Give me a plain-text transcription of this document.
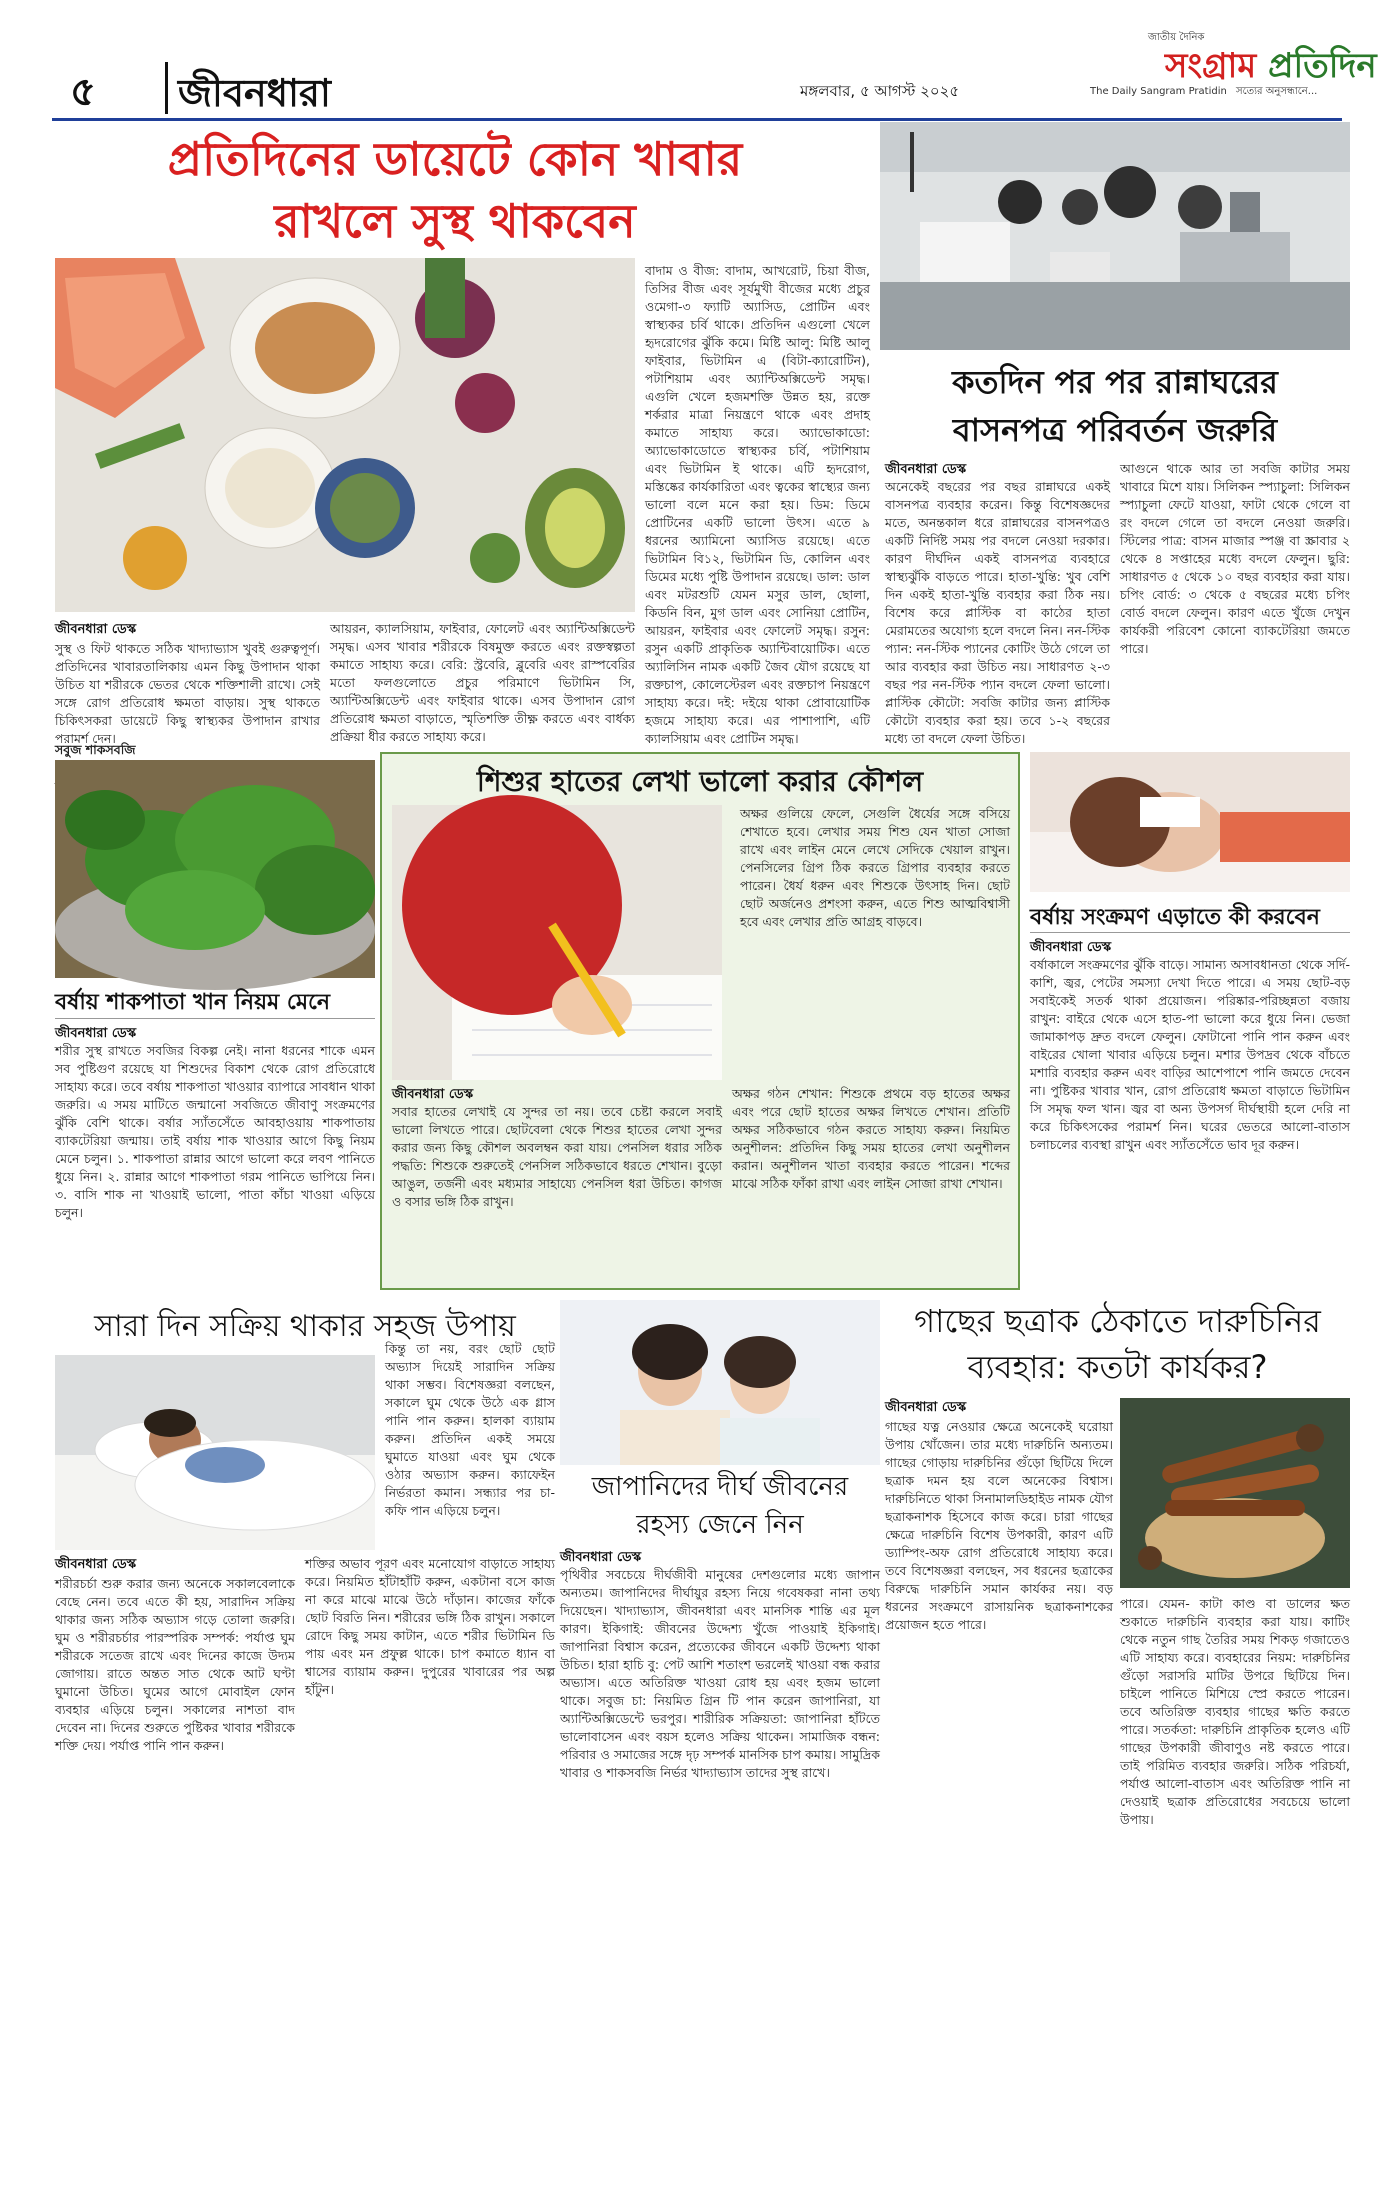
৫ জীবনধারা	মঙ্গলবার, ৫ আগস্ট ২০২৫
জাতীয় দৈনিক
সংগ্রাম প্রতিদিন
The Daily Sangram Pratidin সত্যের অনুসন্ধানে...
প্রতিদিনের ডায়েটে কোন খাবার
রাখলে সুস্থ থাকবেন
জীবনধারা ডেস্ক
সুস্থ ও ফিট থাকতে সঠিক খাদ্যাভ্যাস খুবই গুরুত্বপূর্ণ। প্রতিদিনের খাবারতালিকায় এমন কিছু উপাদান থাকা উচিত যা শরীরকে ভেতর থেকে শক্তিশালী রাখে। সেই সঙ্গে রোগ প্রতিরোধ ক্ষমতা বাড়ায়। সুস্থ থাকতে চিকিৎসকরা ডায়েটে কিছু স্বাস্থ্যকর উপাদান রাখার পরামর্শ দেন।
সবুজ শাকসবজি
আয়রন, ক্যালসিয়াম, ফাইবার, ফোলেট এবং অ্যান্টিঅক্সিডেন্ট সমৃদ্ধ। এসব খাবার শরীরকে বিষমুক্ত করতে এবং রক্তস্বল্পতা কমাতে সাহায্য করে। বেরি: স্ট্রবেরি, ব্লুবেরি এবং রাস্পবেরির মতো ফলগুলোতে প্রচুর পরিমাণে ভিটামিন সি, অ্যান্টিঅক্সিডেন্ট এবং ফাইবার থাকে। এসব উপাদান রোগ প্রতিরোধ ক্ষমতা বাড়াতে, স্মৃতিশক্তি তীক্ষ্ণ করতে এবং বার্ধক্য প্রক্রিয়া ধীর করতে সাহায্য করে।
বাদাম ও বীজ: বাদাম, আখরোট, চিয়া বীজ, তিসির বীজ এবং সূর্যমুখী বীজের মধ্যে প্রচুর ওমেগা-৩ ফ্যাটি অ্যাসিড, প্রোটিন এবং স্বাস্থ্যকর চর্বি থাকে। প্রতিদিন এগুলো খেলে হৃদরোগের ঝুঁকি কমে। মিষ্টি আলু: মিষ্টি আলু ফাইবার, ভিটামিন এ (বিটা-ক্যারোটিন), পটাশিয়াম এবং অ্যান্টিঅক্সিডেন্ট সমৃদ্ধ। এগুলি খেলে হজমশক্তি উন্নত হয়, রক্তে শর্করার মাত্রা নিয়ন্ত্রণে থাকে এবং প্রদাহ কমাতে সাহায্য করে। অ্যাভোকাডো: অ্যাভোকাডোতে স্বাস্থ্যকর চর্বি, পটাশিয়াম এবং ভিটামিন ই থাকে। এটি হৃদরোগ, মস্তিষ্কের কার্যকারিতা এবং ত্বকের স্বাস্থ্যের জন্য ভালো বলে মনে করা হয়। ডিম: ডিমে প্রোটিনের একটি ভালো উৎস। এতে ৯ ধরনের অ্যামিনো অ্যাসিড রয়েছে। এতে ভিটামিন বি১২, ভিটামিন ডি, কোলিন এবং ডিমের মধ্যে পুষ্টি উপাদান রয়েছে। ডাল: ডাল এবং মটরশুটি যেমন মসুর ডাল, ছোলা, কিডনি বিন, মুগ ডাল এবং সোনিয়া প্রোটিন, আয়রন, ফাইবার এবং ফোলেট সমৃদ্ধ। রসুন: রসুন একটি প্রাকৃতিক অ্যান্টিবায়োটিক। এতে অ্যালিসিন নামক একটি জৈব যৌগ রয়েছে যা রক্তচাপ, কোলেস্টেরল এবং রক্তচাপ নিয়ন্ত্রণে সাহায্য করে। দই: দইয়ে থাকা প্রোবায়োটিক হজমে সাহায্য করে। এর পাশাপাশি, এটি ক্যালসিয়াম এবং প্রোটিন সমৃদ্ধ।
কতদিন পর পর রান্নাঘরের
বাসনপত্র পরিবর্তন জরুরি
জীবনধারা ডেস্ক
অনেকেই বছরের পর বছর রান্নাঘরে একই বাসনপত্র ব্যবহার করেন। কিন্তু বিশেষজ্ঞদের মতে, অনন্তকাল ধরে রান্নাঘরের বাসনপত্রও একটি নির্দিষ্ট সময় পর বদলে নেওয়া দরকার। কারণ দীর্ঘদিন একই বাসনপত্র ব্যবহারে স্বাস্থ্যঝুঁকি বাড়তে পারে। হাতা-খুন্তি: খুব বেশি দিন একই হাতা-খুন্তি ব্যবহার করা ঠিক নয়। বিশেষ করে প্লাস্টিক বা কাঠের হাতা মেরামতের অযোগ্য হলে বদলে নিন। নন-স্টিক প্যান: নন-স্টিক প্যানের কোটিং উঠে গেলে তা আর ব্যবহার করা উচিত নয়। সাধারণত ২-৩ বছর পর নন-স্টিক প্যান বদলে ফেলা ভালো। প্লাস্টিক কৌটো: সবজি কাটার জন্য প্লাস্টিক কৌটো ব্যবহার করা হয়। তবে ১-২ বছরের মধ্যে তা বদলে ফেলা উচিত।
আগুনে থাকে আর তা সবজি কাটার সময় খাবারে মিশে যায়। সিলিকন স্প্যাচুলা: সিলিকন স্প্যাচুলা ফেটে যাওয়া, ফাটা থেকে গেলে বা রং বদলে গেলে তা বদলে নেওয়া জরুরি। স্টিলের পাত্র: বাসন মাজার স্পঞ্জ বা স্ক্রাবার ২ থেকে ৪ সপ্তাহের মধ্যে বদলে ফেলুন। ছুরি: সাধারণত ৫ থেকে ১০ বছর ব্যবহার করা যায়। চপিং বোর্ড: ৩ থেকে ৫ বছরের মধ্যে চপিং বোর্ড বদলে ফেলুন। কারণ এতে খুঁজে দেখুন কার্যকরী পরিবেশ কোনো ব্যাকটেরিয়া জমতে পারে।
বর্ষায় শাকপাতা খান নিয়ম মেনে
জীবনধারা ডেস্ক
শরীর সুস্থ রাখতে সবজির বিকল্প নেই। নানা ধরনের শাকে এমন সব পুষ্টিগুণ রয়েছে যা শিশুদের বিকাশ থেকে রোগ প্রতিরোধে সাহায্য করে। তবে বর্ষায় শাকপাতা খাওয়ার ব্যাপারে সাবধান থাকা জরুরি। এ সময় মাটিতে জন্মানো সবজিতে জীবাণু সংক্রমণের ঝুঁকি বেশি থাকে। বর্ষার স্যাঁতসেঁতে আবহাওয়ায় শাকপাতায় ব্যাকটেরিয়া জন্মায়। তাই বর্ষায় শাক খাওয়ার আগে কিছু নিয়ম মেনে চলুন। ১. শাকপাতা রান্নার আগে ভালো করে লবণ পানিতে ধুয়ে নিন। ২. রান্নার আগে শাকপাতা গরম পানিতে ভাপিয়ে নিন। ৩. বাসি শাক না খাওয়াই ভালো, পাতা কাঁচা খাওয়া এড়িয়ে চলুন।
শিশুর হাতের লেখা ভালো করার কৌশল
জীবনধারা ডেস্ক
সবার হাতের লেখাই যে সুন্দর তা নয়। তবে চেষ্টা করলে সবাই ভালো লিখতে পারে। ছোটবেলা থেকে শিশুর হাতের লেখা সুন্দর করার জন্য কিছু কৌশল অবলম্বন করা যায়। পেনসিল ধরার সঠিক পদ্ধতি: শিশুকে শুরুতেই পেনসিল সঠিকভাবে ধরতে শেখান। বুড়ো আঙুল, তর্জনী এবং মধ্যমার সাহায্যে পেনসিল ধরা উচিত। কাগজ ও বসার ভঙ্গি ঠিক রাখুন।
অক্ষর গঠন শেখান: শিশুকে প্রথমে বড় হাতের অক্ষর এবং পরে ছোট হাতের অক্ষর লিখতে শেখান। প্রতিটি অক্ষর সঠিকভাবে গঠন করতে সাহায্য করুন। নিয়মিত অনুশীলন: প্রতিদিন কিছু সময় হাতের লেখা অনুশীলন করান। অনুশীলন খাতা ব্যবহার করতে পারেন। শব্দের মাঝে সঠিক ফাঁকা রাখা এবং লাইন সোজা রাখা শেখান।
অক্ষর গুলিয়ে ফেলে, সেগুলি ধৈর্যের সঙ্গে বসিয়ে শেখাতে হবে। লেখার সময় শিশু যেন খাতা সোজা রাখে এবং লাইন মেনে লেখে সেদিকে খেয়াল রাখুন। পেনসিলের গ্রিপ ঠিক করতে গ্রিপার ব্যবহার করতে পারেন। ধৈর্য ধরুন এবং শিশুকে উৎসাহ দিন। ছোট ছোট অর্জনেও প্রশংসা করুন, এতে শিশু আত্মবিশ্বাসী হবে এবং লেখার প্রতি আগ্রহ বাড়বে।	বর্ষায় সংক্রমণ এড়াতে কী করবেন
জীবনধারা ডেস্ক
বর্ষাকালে সংক্রমণের ঝুঁকি বাড়ে। সামান্য অসাবধানতা থেকে সর্দি-কাশি, জ্বর, পেটের সমস্যা দেখা দিতে পারে। এ সময় ছোট-বড় সবাইকেই সতর্ক থাকা প্রয়োজন। পরিষ্কার-পরিচ্ছন্নতা বজায় রাখুন: বাইরে থেকে এসে হাত-পা ভালো করে ধুয়ে নিন। ভেজা জামাকাপড় দ্রুত বদলে ফেলুন। ফোটানো পানি পান করুন এবং বাইরের খোলা খাবার এড়িয়ে চলুন। মশার উপদ্রব থেকে বাঁচতে মশারি ব্যবহার করুন এবং বাড়ির আশেপাশে পানি জমতে দেবেন না। পুষ্টিকর খাবার খান, রোগ প্রতিরোধ ক্ষমতা বাড়াতে ভিটামিন সি সমৃদ্ধ ফল খান। জ্বর বা অন্য উপসর্গ দীর্ঘস্থায়ী হলে দেরি না করে চিকিৎসকের পরামর্শ নিন। ঘরের ভেতরে আলো-বাতাস চলাচলের ব্যবস্থা রাখুন এবং স্যাঁতসেঁতে ভাব দূর করুন।
সারা দিন সক্রিয় থাকার সহজ উপায়
কিন্তু তা নয়, বরং ছোট ছোট অভ্যাস দিয়েই সারাদিন সক্রিয় থাকা সম্ভব। বিশেষজ্ঞরা বলছেন, সকালে ঘুম থেকে উঠে এক গ্লাস পানি পান করুন। হালকা ব্যায়াম করুন। প্রতিদিন একই সময়ে ঘুমাতে যাওয়া এবং ঘুম থেকে ওঠার অভ্যাস করুন। ক্যাফেইন নির্ভরতা কমান। সন্ধ্যার পর চা-কফি পান এড়িয়ে চলুন।
জীবনধারা ডেস্ক
শরীরচর্চা শুরু করার জন্য অনেকে সকালবেলাকে বেছে নেন। তবে এতে কী হয়, সারাদিন সক্রিয় থাকার জন্য সঠিক অভ্যাস গড়ে তোলা জরুরি। ঘুম ও শরীরচর্চার পারস্পরিক সম্পর্ক: পর্যাপ্ত ঘুম শরীরকে সতেজ রাখে এবং দিনের কাজে উদ্যম জোগায়। রাতে অন্তত সাত থেকে আট ঘণ্টা ঘুমানো উচিত। ঘুমের আগে মোবাইল ফোন ব্যবহার এড়িয়ে চলুন। সকালের নাশতা বাদ দেবেন না। দিনের শুরুতে পুষ্টিকর খাবার শরীরকে শক্তি দেয়। পর্যাপ্ত পানি পান করুন।
শক্তির অভাব পূরণ এবং মনোযোগ বাড়াতে সাহায্য করে। নিয়মিত হাঁটাহাঁটি করুন, একটানা বসে কাজ না করে মাঝে মাঝে উঠে দাঁড়ান। কাজের ফাঁকে ছোট বিরতি নিন। শরীরের ভঙ্গি ঠিক রাখুন। সকালে রোদে কিছু সময় কাটান, এতে শরীর ভিটামিন ডি পায় এবং মন প্রফুল্ল থাকে। চাপ কমাতে ধ্যান বা শ্বাসের ব্যায়াম করুন। দুপুরের খাবারের পর অল্প হাঁটুন।
জাপানিদের দীর্ঘ জীবনের
রহস্য জেনে নিন
জীবনধারা ডেস্ক
পৃথিবীর সবচেয়ে দীর্ঘজীবী মানুষের দেশগুলোর মধ্যে জাপান অন্যতম। জাপানিদের দীর্ঘায়ুর রহস্য নিয়ে গবেষকরা নানা তথ্য দিয়েছেন। খাদ্যাভ্যাস, জীবনধারা এবং মানসিক শান্তি এর মূল কারণ। ইকিগাই: জীবনের উদ্দেশ্য খুঁজে পাওয়াই ইকিগাই। জাপানিরা বিশ্বাস করেন, প্রত্যেকের জীবনে একটি উদ্দেশ্য থাকা উচিত। হারা হাচি বু: পেট আশি শতাংশ ভরলেই খাওয়া বন্ধ করার অভ্যাস। এতে অতিরিক্ত খাওয়া রোধ হয় এবং হজম ভালো থাকে। সবুজ চা: নিয়মিত গ্রিন টি পান করেন জাপানিরা, যা অ্যান্টিঅক্সিডেন্টে ভরপুর। শারীরিক সক্রিয়তা: জাপানিরা হাঁটতে ভালোবাসেন এবং বয়স হলেও সক্রিয় থাকেন। সামাজিক বন্ধন: পরিবার ও সমাজের সঙ্গে দৃঢ় সম্পর্ক মানসিক চাপ কমায়। সামুদ্রিক খাবার ও শাকসবজি নির্ভর খাদ্যাভ্যাস তাদের সুস্থ রাখে।
গাছের ছত্রাক ঠেকাতে দারুচিনির
ব্যবহার: কতটা কার্যকর?
জীবনধারা ডেস্ক
গাছের যত্ন নেওয়ার ক্ষেত্রে অনেকেই ঘরোয়া উপায় খোঁজেন। তার মধ্যে দারুচিনি অন্যতম। গাছের গোড়ায় দারুচিনির গুঁড়ো ছিটিয়ে দিলে ছত্রাক দমন হয় বলে অনেকের বিশ্বাস। দারুচিনিতে থাকা সিনামালডিহাইড নামক যৌগ ছত্রাকনাশক হিসেবে কাজ করে। চারা গাছের ক্ষেত্রে দারুচিনি বিশেষ উপকারী, কারণ এটি ড্যাম্পিং-অফ রোগ প্রতিরোধে সাহায্য করে। তবে বিশেষজ্ঞরা বলছেন, সব ধরনের ছত্রাকের বিরুদ্ধে দারুচিনি সমান কার্যকর নয়। বড় ধরনের সংক্রমণে রাসায়নিক ছত্রাকনাশকের প্রয়োজন হতে পারে।
পারে। যেমন- কাটা কাণ্ড বা ডালের ক্ষত শুকাতে দারুচিনি ব্যবহার করা যায়। কাটিং থেকে নতুন গাছ তৈরির সময় শিকড় গজাতেও এটি সাহায্য করে। ব্যবহারের নিয়ম: দারুচিনির গুঁড়ো সরাসরি মাটির উপরে ছিটিয়ে দিন। চাইলে পানিতে মিশিয়ে স্প্রে করতে পারেন। তবে অতিরিক্ত ব্যবহার গাছের ক্ষতি করতে পারে। সতর্কতা: দারুচিনি প্রাকৃতিক হলেও এটি গাছের উপকারী জীবাণুও নষ্ট করতে পারে। তাই পরিমিত ব্যবহার জরুরি। সঠিক পরিচর্যা, পর্যাপ্ত আলো-বাতাস এবং অতিরিক্ত পানি না দেওয়াই ছত্রাক প্রতিরোধের সবচেয়ে ভালো উপায়।
